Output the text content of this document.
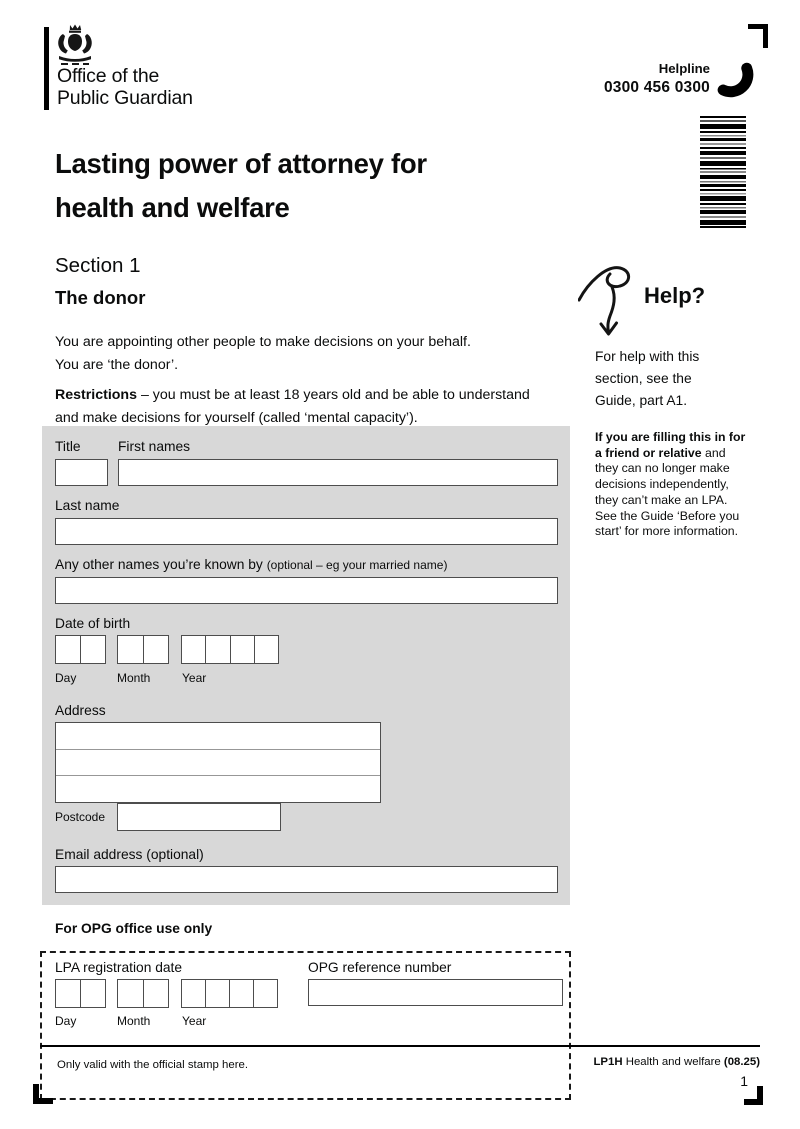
Office of the
Public Guardian
Helpline
0300 456 0300
Lasting power of attorney for
health and welfare
Section 1
The donor
You are appointing other people to make decisions on your behalf.
You are ‘the donor’.
Restrictions – you must be at least 18 years old and be able to understand
and make decisions for yourself (called ‘mental capacity’).
Help?
For help with this
section, see the
Guide, part A1.
If you are filling this in for
a friend or relative and
they can no longer make
decisions independently,
they can’t make an LPA.
See the Guide ‘Before you
start’ for more information.
Title	First names
Last name
Any other names you’re known by (optional – eg your married name)
Date of birth
Day	Month	Year
Address
Postcode
Email address (optional)
For OPG office use only
LPA registration date
Day	Month	Year
OPG reference number
Only valid with the official stamp here.	LP1H Health and welfare (08.25)
1
